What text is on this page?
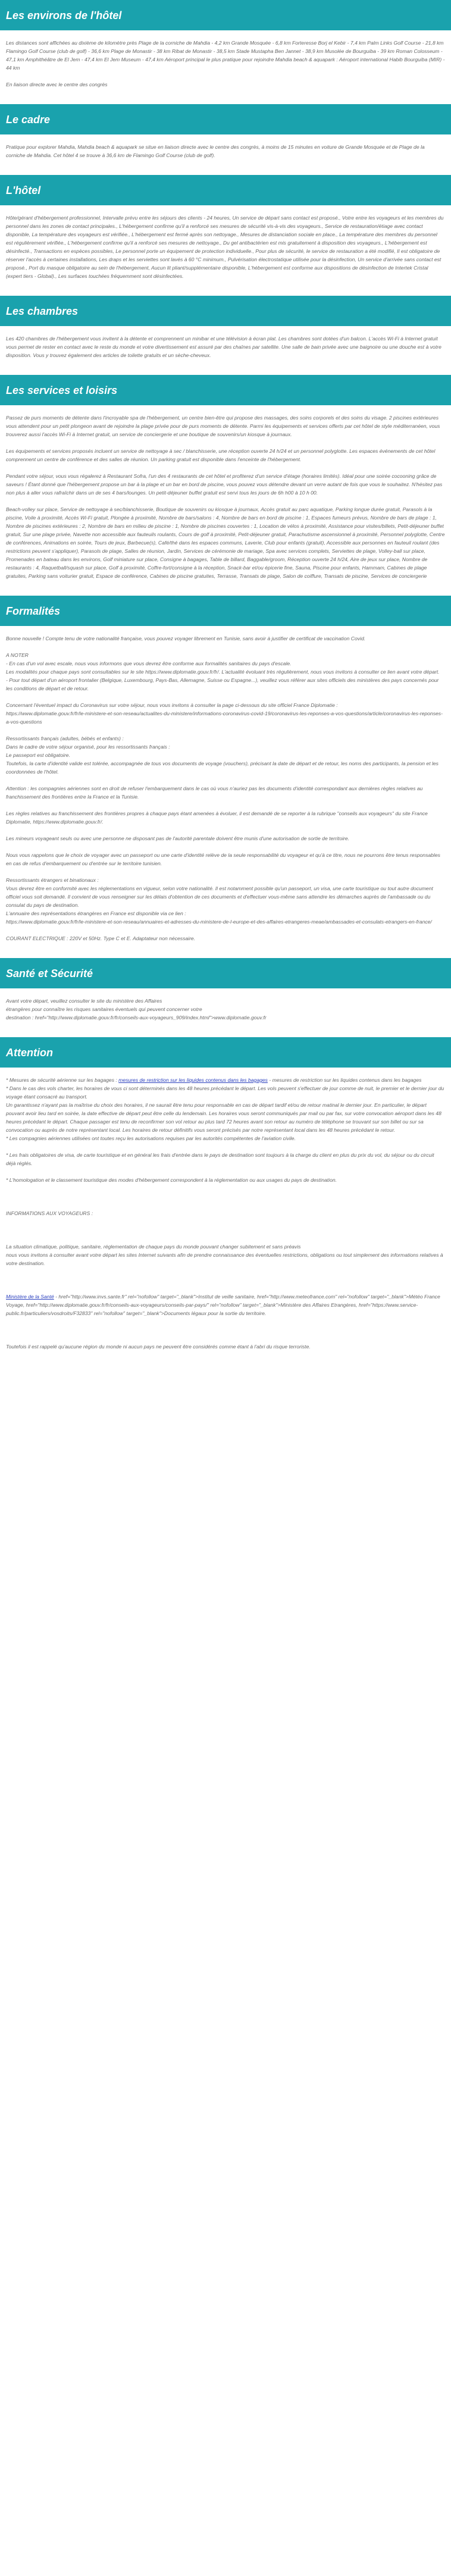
Les environs de l'hôtel

Les distances sont affichées au dixième de kilomètre près Plage de la corniche de Mahdia - 4,2 km Grande Mosquée - 6,8 km Forteresse Borj el Kebir - 7,4 km Palm Links Golf Course - 21,8 km Flamingo Golf Course (club de golf) - 36,6 km Plage de Monastir - 38 km Ribat de Monastir - 38,5 km Stade Mustapha Ben Jannet - 38,9 km Musolée de Bourguiba - 39 km Roman Colosseum - 47,1 km Amphithéâtre de El Jem - 47,4 km El Jem Museum - 47,4 km Aéroport principal le plus pratique pour rejoindre Mahdia beach & aquapark : Aéroport international Habib Bourguiba (MIR) - 44 km

En liaison directe avec le centre des congrès

Le cadre

Pratique pour explorer Mahdia, Mahdia beach & aquapark se situe en liaison directe avec le centre des congrès, à moins de 15 minutes en voiture de Grande Mosquée et de Plage de la corniche de Mahdia. Cet hôtel 4 se trouve à 36,6 km de Flamingo Golf Course (club de golf).

L'hôtel

Hôte/gérant d'hébergement professionnel, Intervalle prévu entre les séjours des clients - 24 heures, Un service de départ sans contact est proposé., Votre entre les voyageurs et les membres du personnel dans les zones de contact principales., L'hébergement confirme qu'il a renforcé ses mesures de sécurité vis-à-vis des voyageurs., Service de restauration/étiage avec contact disponible, La température des voyageurs est vérifiée., L'hébergement est fermé après son nettoyage., Mesures de distanciation sociale en place., La température des membres du personnel est régulièrement vérifiée., L'hébergement confirme qu'il a renforcé ses mesures de nettoyage., Du gel antibactérien est mis gratuitement à disposition des voyageurs., L'hébergement est désinfecté., Transactions en espèces possibles, Le personnel porte un équipement de protection individuelle., Pour plus de sécurité, le service de restauration a été modifié, Il est obligatoire de réserver l'accès à certaines installations, Les draps et les serviettes sont lavés à 60 °C minimum., Pulvérisation électrostatique utilisée pour la désinfection, Un service d'arrivée sans contact est proposé., Port du masque obligatoire au sein de l'hébergement, Aucun lit pliant/supplémentaire disponible, L'hébergement est conforme aux dispositions de désinfection de Intertek Cristal (expert tiers - Global)., Les surfaces touchées fréquemment sont désinfectées.

Les chambres

Les 420 chambres de l'hébergement vous invitent à la détente et comprennent un minibar et une télévision à écran plat. Les chambres sont dotées d'un balcon. L'accès Wi-Fi à Internet gratuit vous permet de rester en contact avec le reste du monde et votre divertissement est assuré par des chaînes par satellite. Une salle de bain privée avec une baignoire ou une douche est à votre disposition. Vous y trouvez également des articles de toilette gratuits et un sèche-cheveux.

Les services et loisirs

Passez de purs moments de détente dans l'incroyable spa de l'hébergement, un centre bien-être qui propose des massages, des soins corporels et des soins du visage. 2 piscines extérieures vous attendent pour un petit plongeon avant de rejoindre la plage privée pour de purs moments de détente. Parmi les équipements et services offerts par cet hôtel de style méditerranéen, vous trouverez aussi l'accès Wi-Fi à Internet gratuit, un service de conciergerie et une boutique de souvenirs/un kiosque à journaux.

Les équipements et services proposés incluent un service de nettoyage à sec / blanchisserie, une réception ouverte 24 h/24 et un personnel polyglotte. Les espaces événements de cet hôtel comprennent un centre de conférence et des salles de réunion. Un parking gratuit est disponible dans l'enceinte de l'hébergement.

Pendant votre séjour, vous vous régalerez à Restaurant Sofra, l'un des 4 restaurants de cet hôtel et profiterez d'un service d'étage (horaires limités). Idéal pour une soirée cocooning grâce de saveurs ! Étant donné que l'hébergement propose un bar à la plage et un bar en bord de piscine, vous pouvez vous détendre devant un verre autant de fois que vous le souhaitez. N'hésitez pas non plus à aller vous rafraîchir dans un de ses 4 bars/lounges. Un petit-déjeuner buffet gratuit est servi tous les jours de 6h h00 à 10 h 00.

Beach-volley sur place, Service de nettoyage à sec/blanchisserie, Boutique de souvenirs ou kiosque à journaux, Accès gratuit au parc aquatique, Parking longue durée gratuit, Parasols à la piscine, Voile à proximité, Accès Wi-Fi gratuit, Plongée à proximité, Nombre de bars/salons : 4, Nombre de bars en bord de piscine : 1, Espaces fumeurs prévus, Nombre de bars de plage : 1, Nombre de piscines extérieures : 2, Nombre de bars en milieu de piscine : 1, Nombre de piscines couvertes : 1, Location de vélos à proximité, Assistance pour visites/billets, Petit-déjeuner buffet gratuit, Sur une plage privée, Navette non accessible aux fauteuils roulants, Cours de golf à proximité, Petit-déjeuner gratuit, Parachutisme ascensionnel à proximité, Personnel polyglotte, Centre de conférences, Animations en soirée, Tours de jeux, Barbecue(s), Café/thé dans les espaces communs, Laverie, Club pour enfants (gratuit), Accessible aux personnes en fauteuil roulant (des restrictions peuvent s'appliquer), Parasols de plage, Salles de réunion, Jardin, Services de cérémonie de mariage, Spa avec services complets, Serviettes de plage, Volley-ball sur place, Promenades en bateau dans les environs, Golf miniature sur place, Consigne à bagages, Table de billard, Baggable/groom, Réception ouverte 24 h/24, Aire de jeux sur place, Nombre de restaurants : 4, Raquetball/squash sur place, Golf à proximité, Coffre-fort/consigne à la réception, Snack-bar et/ou épicerie fine, Sauna, Piscine pour enfants, Hammam, Cabines de plage gratuites, Parking sans voiturier gratuit, Espace de conférence, Cabines de piscine gratuites, Terrasse, Transats de plage, Salon de coiffure, Transats de piscine, Services de conciergerie

Formalités

Bonne nouvelle ! Compte tenu de votre nationalité française, vous pouvez voyager librement en Tunisie, sans avoir à justifier de certificat de vaccination Covid.

A NOTER
- En cas d'un vol avec escale, nous vous informons que vous devrez être conforme aux formalités sanitaires du pays d'escale.
Les modalités pour chaque pays sont consultables sur le site https://www.diplomatie.gouv.fr/fr/. L'actualité évoluant très régulièrement, nous vous invitons à consulter ce lien avant votre départ.
- Pour tout départ d'un aéroport frontalier (Belgique, Luxembourg, Pays-Bas, Allemagne, Suisse ou Espagne...), veuillez vous référer aux sites officiels des ministères des pays concernés pour les conditions de départ et de retour.

Concernant l'éventuel impact du Coronavirus sur votre séjour, nous vous invitons à consulter la page ci-dessous du site officiel France Diplomatie :
https://www.diplomatie.gouv.fr/fr/le-ministere-et-son-reseau/actualites-du-ministere/informations-coronavirus-covid-19/coronavirus-les-reponses-a-vos-questions/article/coronavirus-les-reponses-a-vos-questions

Ressortissants français (adultes, bébés et enfants) :
Dans le cadre de votre séjour organisé, pour les ressortissants français :
Le passeport est obligatoire.
Toutefois, la carte d'identité valide est tolérée, accompagnée de tous vos documents de voyage (vouchers), précisant la date de départ et de retour, les noms des participants, la pension et les coordonnées de l'hôtel.

Attention : les compagnies aériennes sont en droit de refuser l'embarquement dans le cas où vous n'auriez pas les documents d'identité correspondant aux dernières règles relatives au franchissement des frontières entre la France et la Tunisie.

Les règles relatives au franchissement des frontières propres à chaque pays étant amenées à évoluer, il est demandé de se reporter à la rubrique "conseils aux voyageurs" du site France Diplomatie, https://www.diplomatie.gouv.fr/.

Les mineurs voyageant seuls ou avec une personne ne disposant pas de l'autorité parentale doivent être munis d'une autorisation de sortie de territoire.

Nous vous rappelons que le choix de voyager avec un passeport ou une carte d'identité relève de la seule responsabilité du voyageur et qu'à ce titre, nous ne pourrons être tenus responsables en cas de refus d'embarquement ou d'entrée sur le territoire tunisien.

Ressortissants étrangers et binationaux :
Vous devrez être en conformité avec les réglementations en vigueur, selon votre nationalité. Il est notamment possible qu'un passeport, un visa, une carte touristique ou tout autre document officiel vous soit demandé. Il convient de vous renseigner sur les délais d'obtention de ces documents et d'effectuer vous-même sans attendre les démarches auprès de l'ambassade ou du consulat du pays de destination.
L'annuaire des représentations étrangères en France est disponible via ce lien :
https://www.diplomatie.gouv.fr/fr/le-ministere-et-son-reseau/annuaires-et-adresses-du-ministere-de-l-europe-et-des-affaires-etrangeres-meae/ambassades-et-consulats-etrangers-en-france/

COURANT ELECTRIQUE : 220V et 50Hz. Type C et E. Adaptateur non nécessaire.

Santé et Sécurité

Avant votre départ, veuillez consulter le site du ministère des Affaires
étrangères pour connaître les risques sanitaires éventuels qui peuvent concerner votre
destination : href="http://www.diplomatie.gouv.fr/fr/conseils-aux-voyageurs_909/index.html">www.diplomatie.gouv.fr

Attention

* Mesures de sécurité aérienne sur les bagages : mesures de restriction sur les liquides contenus dans les bagages - mesures de restriction sur les liquides contenus dans les bagages
* Dans le cas des vols charter, les horaires de vous ci sont déterminés dans les 48 heures précédant le départ. Les vols peuvent s'effectuer de jour comme de nuit, le premier et le dernier jour du voyage étant consacré au transport.
Un garantissez n'ayant pas la maîtrise du choix des horaires, il ne saurait être tenu pour responsable en cas de départ tardif et/ou de retour matinal le dernier jour. En particulier, le départ pouvant avoir lieu tard en soirée, la date effective de départ peut être celle du lendemain. Les horaires vous seront communiqués par mail ou par fax, sur votre convocation aéroport dans les 48 heures précédant le départ. Chaque passager est tenu de reconfirmer son vol retour au plus tard 72 heures avant son retour au numéro de téléphone se trouvant sur son billet ou sur sa convocation ou auprès de notre représentant local. Les horaires de retour définitifs vous seront précisés par notre représentant local dans les 48 heures précédant le retour.
* Les compagnies aériennes utilisées ont toutes reçu les autorisations requises par les autorités compétentes de l'aviation civile.

* Les frais obligatoires de visa, de carte touristique et en général les frais d'entrée dans le pays de destination sont toujours à la charge du client en plus du prix du vol, du séjour ou du circuit déjà réglés.

* L'homologation et le classement touristique des modes d'hébergement correspondent à la réglementation ou aux usages du pays de destination.

INFORMATIONS AUX VOYAGEURS :

La situation climatique, politique, sanitaire, réglementation de chaque pays du monde pouvant changer subitement et sans préavis
nous vous invitons à consulter avant votre départ les sites Internet suivants afin de prendre connaissance des éventuelles restrictions, obligations ou tout simplement des informations relatives à votre destination.

Ministère de la Santé - href="http://www.invs.sante.fr" rel="nofollow" target="_blank">Institut de veille sanitaire, href="http://www.meteofrance.com" rel="nofollow" target="_blank">Météo France Voyage, href="http://www.diplomatie.gouv.fr/fr/conseils-aux-voyageurs/conseils-par-pays/" rel="nofollow" target="_blank">Ministère des Affaires Etrangères, href="https://www.service-public.fr/particuliers/vosdroits/F32833" rel="nofollow" target="_blank">Documents légaux pour la sortie du territoire.

Toutefois il est rappelé qu'aucune région du monde ni aucun pays ne peuvent être considérés comme étant à l'abri du risque terroriste.
